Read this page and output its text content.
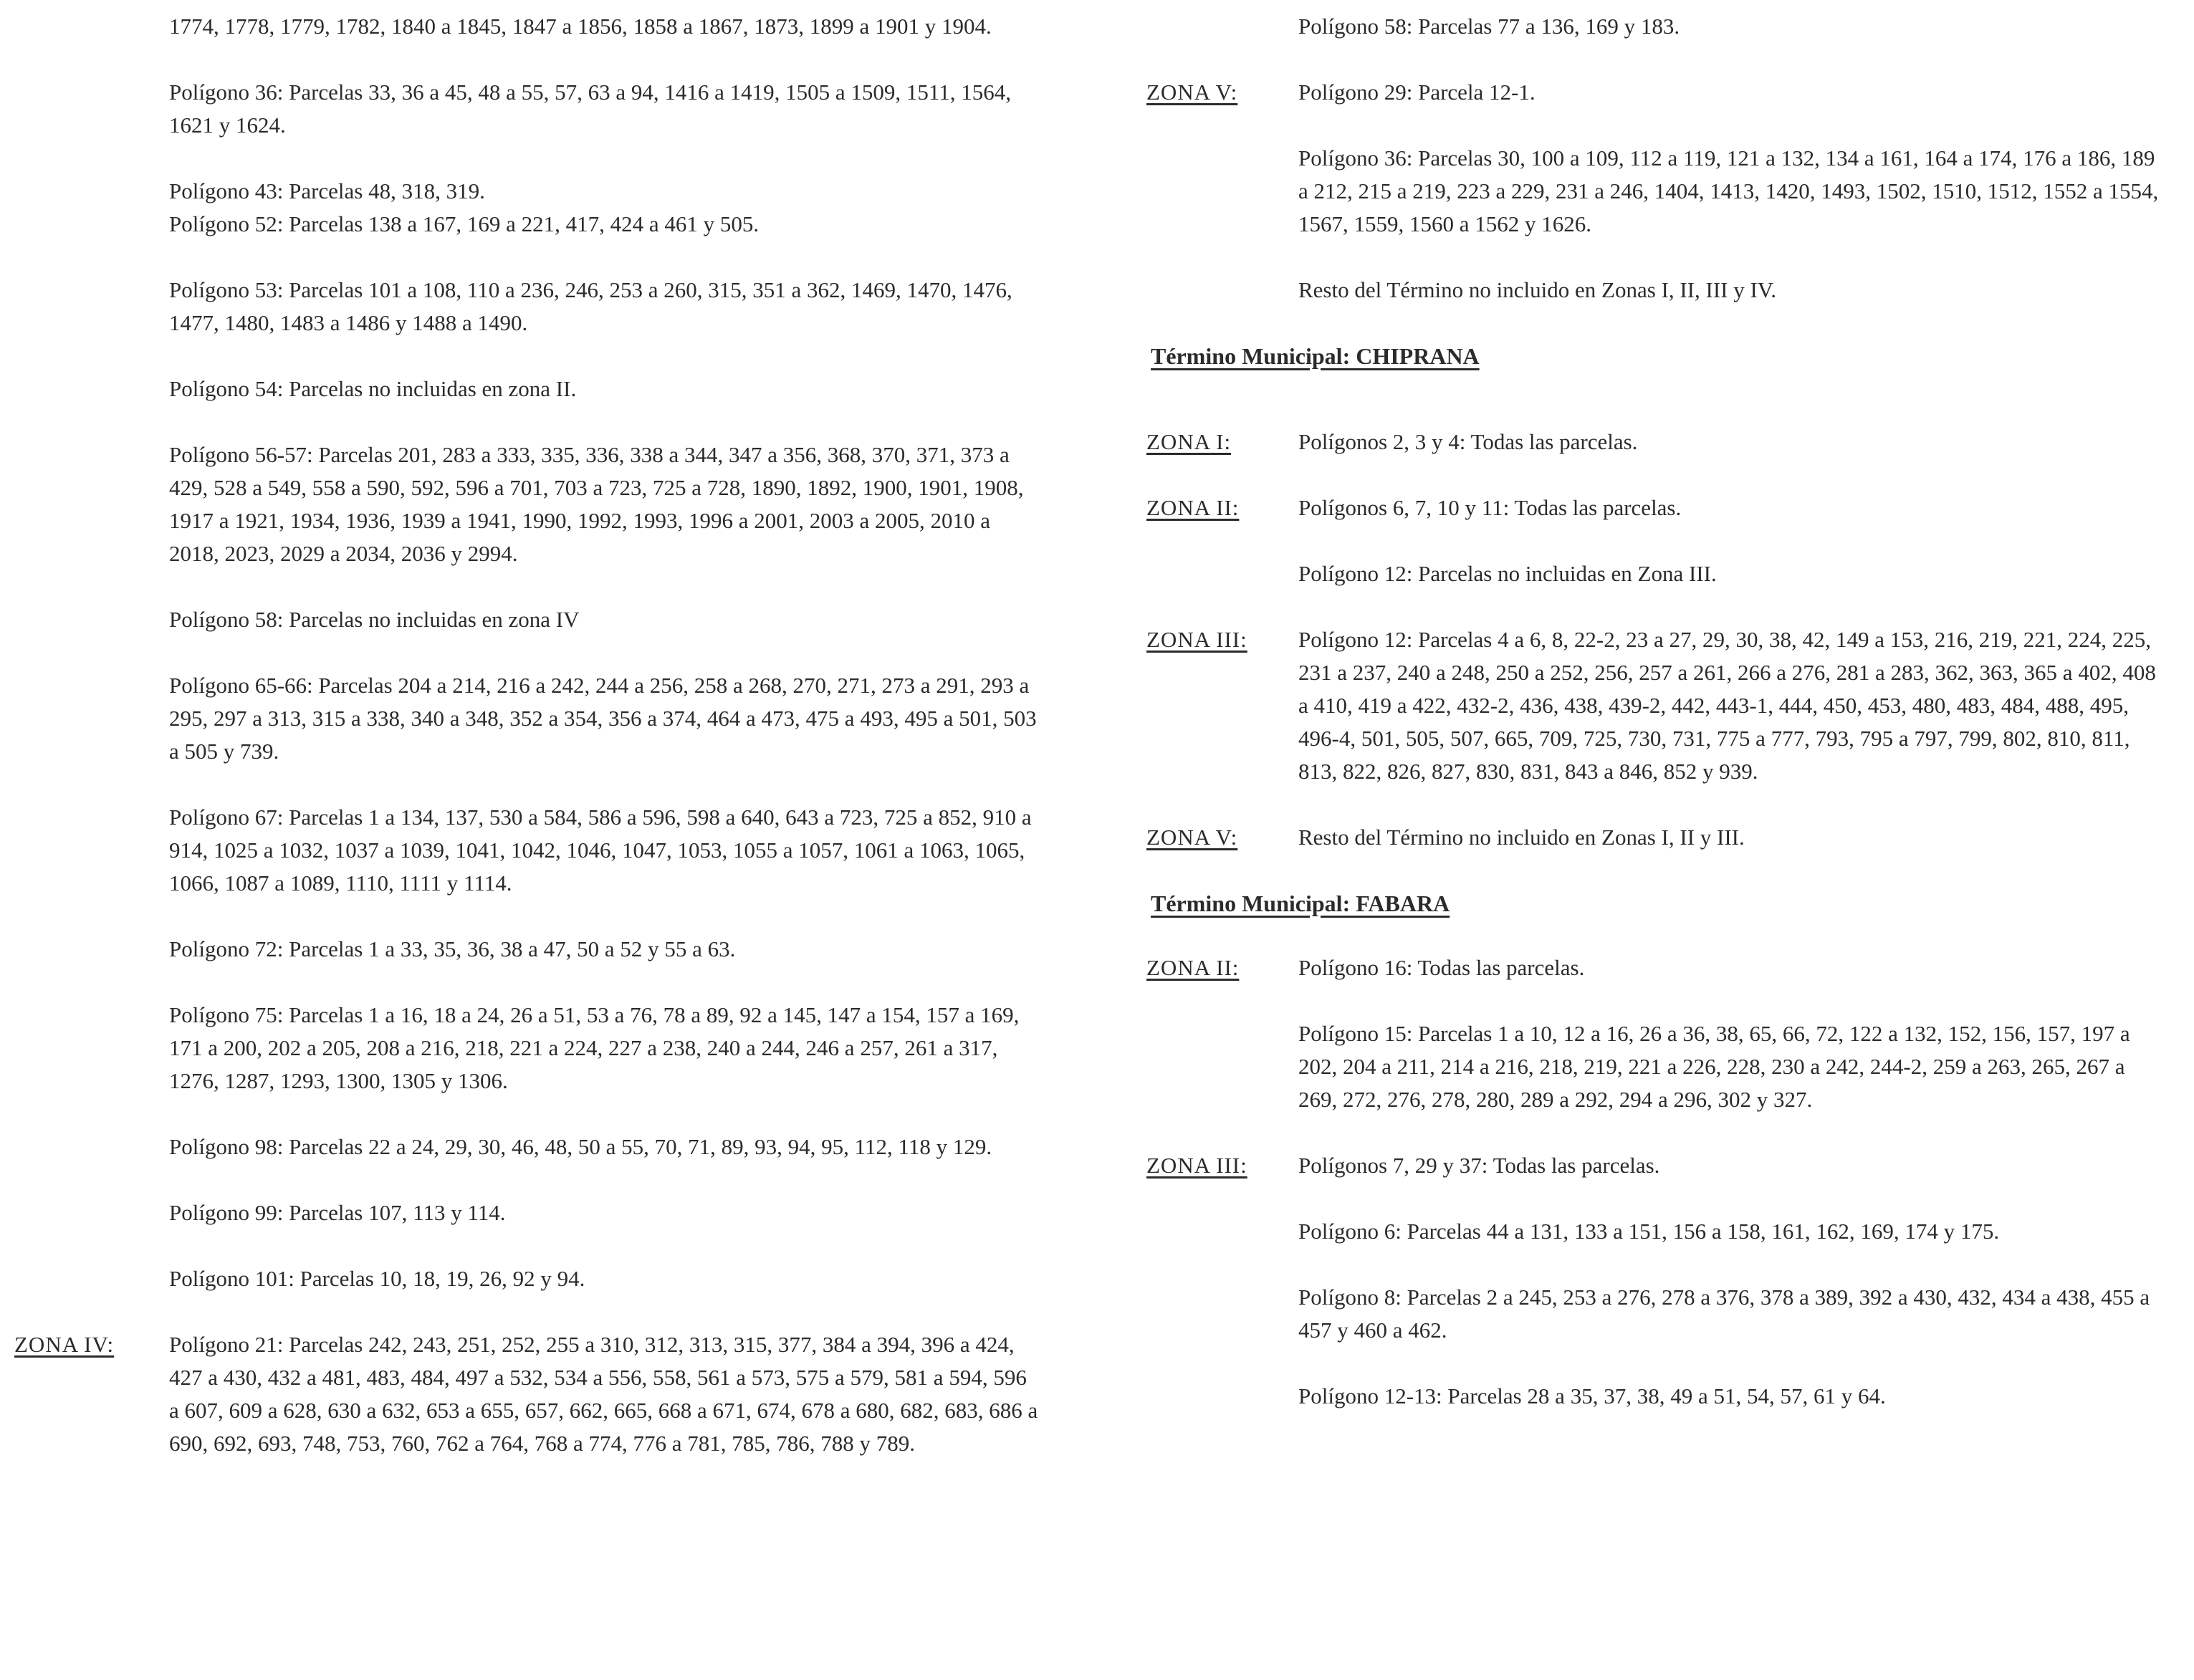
1774, 1778, 1779, 1782, 1840 a 1845, 1847 a 1856, 1858 a 1867, 1873, 1899 a 1901 y 1904.
Polígono 36: Parcelas 33, 36 a 45, 48 a 55, 57, 63 a 94, 1416 a 1419, 1505 a 1509, 1511, 1564, 1621 y 1624.
Polígono 43: Parcelas 48, 318, 319.
Polígono 52: Parcelas 138 a 167, 169 a 221, 417, 424 a 461 y 505.
Polígono 53: Parcelas 101 a 108, 110 a 236, 246, 253 a 260, 315, 351 a 362, 1469, 1470, 1476, 1477, 1480, 1483 a 1486 y 1488 a 1490.
Polígono 54: Parcelas no incluidas en zona II.
Polígono 56-57: Parcelas 201, 283 a 333, 335, 336, 338 a 344, 347 a 356, 368, 370, 371, 373 a 429, 528 a 549, 558 a 590, 592, 596 a 701, 703 a 723, 725 a 728, 1890, 1892, 1900, 1901, 1908, 1917 a 1921, 1934, 1936, 1939 a 1941, 1990, 1992, 1993, 1996 a 2001, 2003 a 2005, 2010 a 2018, 2023, 2029 a 2034, 2036 y 2994.
Polígono 58: Parcelas no incluidas en zona IV
Polígono 65-66: Parcelas 204 a 214, 216 a 242, 244 a 256, 258 a 268, 270, 271, 273 a 291, 293 a 295, 297 a 313, 315 a 338, 340 a 348, 352 a 354, 356 a 374, 464 a 473, 475 a 493, 495 a 501, 503 a 505 y 739.
Polígono 67: Parcelas 1 a 134, 137, 530 a 584, 586 a 596, 598 a 640, 643 a 723, 725 a 852, 910 a 914, 1025 a 1032, 1037 a 1039, 1041, 1042, 1046, 1047, 1053, 1055 a 1057, 1061 a 1063, 1065, 1066, 1087 a 1089, 1110, 1111 y 1114.
Polígono 72: Parcelas 1 a 33, 35, 36, 38 a 47, 50 a 52 y 55 a 63.
Polígono 75: Parcelas 1 a 16, 18 a 24, 26 a 51, 53 a 76, 78 a 89, 92 a 145, 147 a 154, 157 a 169, 171 a 200, 202 a 205, 208 a 216, 218, 221 a 224, 227 a 238, 240 a 244, 246 a 257, 261 a 317, 1276, 1287, 1293, 1300, 1305 y 1306.
Polígono 98: Parcelas 22 a 24, 29, 30, 46, 48, 50 a 55, 70, 71, 89, 93, 94, 95, 112, 118 y 129.
Polígono 99: Parcelas 107, 113 y 114.
Polígono 101: Parcelas 10, 18, 19, 26, 92 y 94.
ZONA IV: Polígono 21: Parcelas 242, 243, 251, 252, 255 a 310, 312, 313, 315, 377, 384 a 394, 396 a 424, 427 a 430, 432 a 481, 483, 484, 497 a 532, 534 a 556, 558, 561 a 573, 575 a 579, 581 a 594, 596 a 607, 609 a 628, 630 a 632, 653 a 655, 657, 662, 665, 668 a 671, 674, 678 a 680, 682, 683, 686 a 690, 692, 693, 748, 753, 760, 762 a 764, 768 a 774, 776 a 781, 785, 786, 788 y 789.
Polígono 58: Parcelas 77 a 136, 169 y 183.
ZONA V:	Polígono 29: Parcela 12-1.
Polígono 36: Parcelas 30, 100 a 109, 112 a 119, 121 a 132, 134 a 161, 164 a 174, 176 a 186, 189 a 212, 215 a 219, 223 a 229, 231 a 246, 1404, 1413, 1420, 1493, 1502, 1510, 1512, 1552 a 1554, 1567, 1559, 1560 a 1562 y 1626.
Resto del Término no incluido en Zonas I, II, III y IV.
Término Municipal: CHIPRANA
ZONA I:	Polígonos 2, 3 y 4: Todas las parcelas.
ZONA II:	Polígonos 6, 7, 10 y 11: Todas las parcelas.
Polígono 12: Parcelas no incluidas en Zona III.
ZONA III: Polígono 12: Parcelas 4 a 6, 8, 22-2, 23 a 27, 29, 30, 38, 42, 149 a 153, 216, 219, 221, 224, 225, 231 a 237, 240 a 248, 250 a 252, 256, 257 a 261, 266 a 276, 281 a 283, 362, 363, 365 a 402, 408 a 410, 419 a 422, 432-2, 436, 438, 439-2, 442, 443-1, 444, 450, 453, 480, 483, 484, 488, 495, 496-4, 501, 505, 507, 665, 709, 725, 730, 731, 775 a 777, 793, 795 a 797, 799, 802, 810, 811, 813, 822, 826, 827, 830, 831, 843 a 846, 852 y 939.
ZONA V:	Resto del Término no incluido en Zonas I, II y III.
Término Municipal: FABARA
ZONA II:	Polígono 16: Todas las parcelas.
Polígono 15: Parcelas 1 a 10, 12 a 16, 26 a 36, 38, 65, 66, 72, 122 a 132, 152, 156, 157, 197 a 202, 204 a 211, 214 a 216, 218, 219, 221 a 226, 228, 230 a 242, 244-2, 259 a 263, 265, 267 a 269, 272, 276, 278, 280, 289 a 292, 294 a 296, 302 y 327.
ZONA III: Polígonos 7, 29 y 37: Todas las parcelas.
Polígono 6: Parcelas 44 a 131, 133 a 151, 156 a 158, 161, 162, 169, 174 y 175.
Polígono 8: Parcelas 2 a 245, 253 a 276, 278 a 376, 378 a 389, 392 a 430, 432, 434 a 438, 455 a 457 y 460 a 462.
Polígono 12-13: Parcelas 28 a 35, 37, 38, 49 a 51, 54, 57, 61 y 64.
